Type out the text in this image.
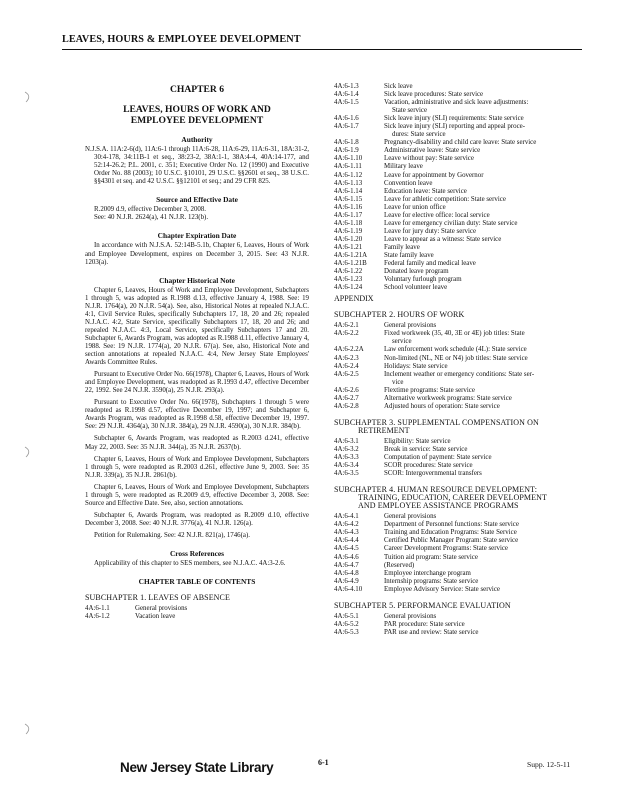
LEAVES, HOURS & EMPLOYEE DEVELOPMENT
CHAPTER 6
LEAVES, HOURS OF WORK AND
EMPLOYEE DEVELOPMENT
Authority

N.J.S.A. 11A:2-6(d), 11A:6-1 through 11A:6-28, 11A:6-29, 11A:6-31, 18A:31-2, 30:4-178, 34:11B-1 et seq., 38:23-2, 38A:1-1, 38A:4-4, 40A:14-177, and 52:14-26.2; P.L. 2001, c. 351; Executive Order No. 12 (1990) and Executive Order No. 88 (2003); 10 U.S.C. §10101, 29 U.S.C. §§2601 et seq., 38 U.S.C. §§4301 et seq. and 42 U.S.C. §§12101 et seq.; and 29 CFR 825.

Source and Effective Date
R.2009 d.9, effective December 3, 2008.
See: 40 N.J.R. 2624(a), 41 N.J.R. 123(b).
Chapter Expiration Date

In accordance with N.J.S.A. 52:14B-5.1b, Chapter 6, Leaves, Hours of Work and Employee Development, expires on December 3, 2015. See: 43 N.J.R. 1203(a).

Chapter Historical Note

Chapter 6, Leaves, Hours of Work and Employee Development, Subchapters 1 through 5, was adopted as R.1988 d.13, effective January 4, 1988. See: 19 N.J.R. 1764(a), 20 N.J.R. 54(a). See, also, Historical Notes at repealed N.J.A.C. 4:1, Civil Service Rules, specifically Subchapters 17, 18, 20 and 26; repealed N.J.A.C. 4:2, State Service, specifically Subchapters 17, 18, 20 and 26; and repealed N.J.A.C. 4:3, Local Service, specifically Subchapters 17 and 20. Subchapter 6, Awards Program, was adopted as R.1988 d.11, effective January 4, 1988. See: 19 N.J.R. 1774(a), 20 N.J.R. 67(a). See, also, Historical Note and section annotations at repealed N.J.A.C. 4:4, New Jersey State Employees' Awards Committee Rules.

Pursuant to Executive Order No. 66(1978), Chapter 6, Leaves, Hours of Work and Employee Development, was readopted as R.1993 d.47, effective December 22, 1992. See 24 N.J.R. 3590(a), 25 N.J.R. 293(a).

Pursuant to Executive Order No. 66(1978), Subchapters 1 through 5 were readopted as R.1998 d.57, effective December 19, 1997; and Subchapter 6, Awards Program, was readopted as R.1998 d.58, effective December 19, 1997. See: 29 N.J.R. 4364(a), 30 N.J.R. 384(a), 29 N.J.R. 4590(a), 30 N.J.R. 384(b).

Subchapter 6, Awards Program, was readopted as R.2003 d.241, effective May 22, 2003. See: 35 N.J.R. 344(a), 35 N.J.R. 2637(b).

Chapter 6, Leaves, Hours of Work and Employee Development, Subchapters 1 through 5, were readopted as R.2003 d.261, effective June 9, 2003. See: 35 N.J.R. 339(a), 35 N.J.R. 2861(b).

Chapter 6, Leaves, Hours of Work and Employee Development, Subchapters 1 through 5, were readopted as R.2009 d.9, effective December 3, 2008. See: Source and Effective Date. See, also, section annotations.

Subchapter 6, Awards Program, was readopted as R.2009 d.10, effective December 3, 2008. See: 40 N.J.R. 3776(a), 41 N.J.R. 126(a).

Petition for Rulemaking. See: 42 N.J.R. 821(a), 1746(a).

Cross References

Applicability of this chapter to SES members, see N.J.A.C. 4A:3-2.6.

CHAPTER TABLE OF CONTENTS
SUBCHAPTER 1. LEAVES OF ABSENCE
4A:6-1.1	General provisions
4A:6-1.2	Vacation leave
4A:6-1.3	Sick leave
4A:6-1.4	Sick leave procedures: State service
4A:6-1.5	Vacation, administrative and sick leave adjustments:
State service
4A:6-1.6	Sick leave injury (SLI) requirements: State service
4A:6-1.7	Sick leave injury (SLI) reporting and appeal proce-
dures: State service
4A:6-1.8	Pregnancy-disability and child care leave: State service
4A:6-1.9	Administrative leave: State service
4A:6-1.10	Leave without pay: State service
4A:6-1.11	Military leave
4A:6-1.12	Leave for appointment by Governor
4A:6-1.13	Convention leave
4A:6-1.14	Education leave: State service
4A:6-1.15	Leave for athletic competition: State service
4A:6-1.16	Leave for union office
4A:6-1.17	Leave for elective office: local service
4A:6-1.18	Leave for emergency civilian duty: State service
4A:6-1.19	Leave for jury duty: State service
4A:6-1.20	Leave to appear as a witness: State service
4A:6-1.21	Family leave
4A:6-1.21A	State family leave
4A:6-1.21B	Federal family and medical leave
4A:6-1.22	Donated leave program
4A:6-1.23	Voluntary furlough program
4A:6-1.24	School volunteer leave
APPENDIX
SUBCHAPTER 2. HOURS OF WORK
4A:6-2.1	General provisions
4A:6-2.2	Fixed workweek (35, 40, 3E or 4E) job titles: State
service
4A:6-2.2A	Law enforcement work schedule (4L): State service
4A:6-2.3	Non-limited (NL, NE or N4) job titles: State service
4A:6-2.4	Holidays: State service
4A:6-2.5	Inclement weather or emergency conditions: State ser-
vice
4A:6-2.6	Flextime programs: State service
4A:6-2.7	Alternative workweek programs: State service
4A:6-2.8	Adjusted hours of operation: State service
SUBCHAPTER 3. SUPPLEMENTAL COMPENSATION ON
RETIREMENT
4A:6-3.1	Eligibility: State service
4A:6-3.2	Break in service: State service
4A:6-3.3	Computation of payment: State service
4A:6-3.4	SCOR procedures: State service
4A:6-3.5	SCOR: Intergovernmental transfers
SUBCHAPTER 4. HUMAN RESOURCE DEVELOPMENT:
TRAINING, EDUCATION, CAREER DEVELOPMENT
AND EMPLOYEE ASSISTANCE PROGRAMS
4A:6-4.1	General provisions
4A:6-4.2	Department of Personnel functions: State service
4A:6-4.3	Training and Education Programs: State Service
4A:6-4.4	Certified Public Manager Program: State service
4A:6-4.5	Career Development Programs: State service
4A:6-4.6	Tuition aid program: State service
4A:6-4.7	(Reserved)
4A:6-4.8	Employee interchange program
4A:6-4.9	Internship programs: State service
4A:6-4.10	Employee Advisory Service: State service
SUBCHAPTER 5. PERFORMANCE EVALUATION
4A:6-5.1	General provisions
4A:6-5.2	PAR procedure: State service
4A:6-5.3	PAR use and review: State service
New Jersey State Library	6-1	Supp. 12-5-11
